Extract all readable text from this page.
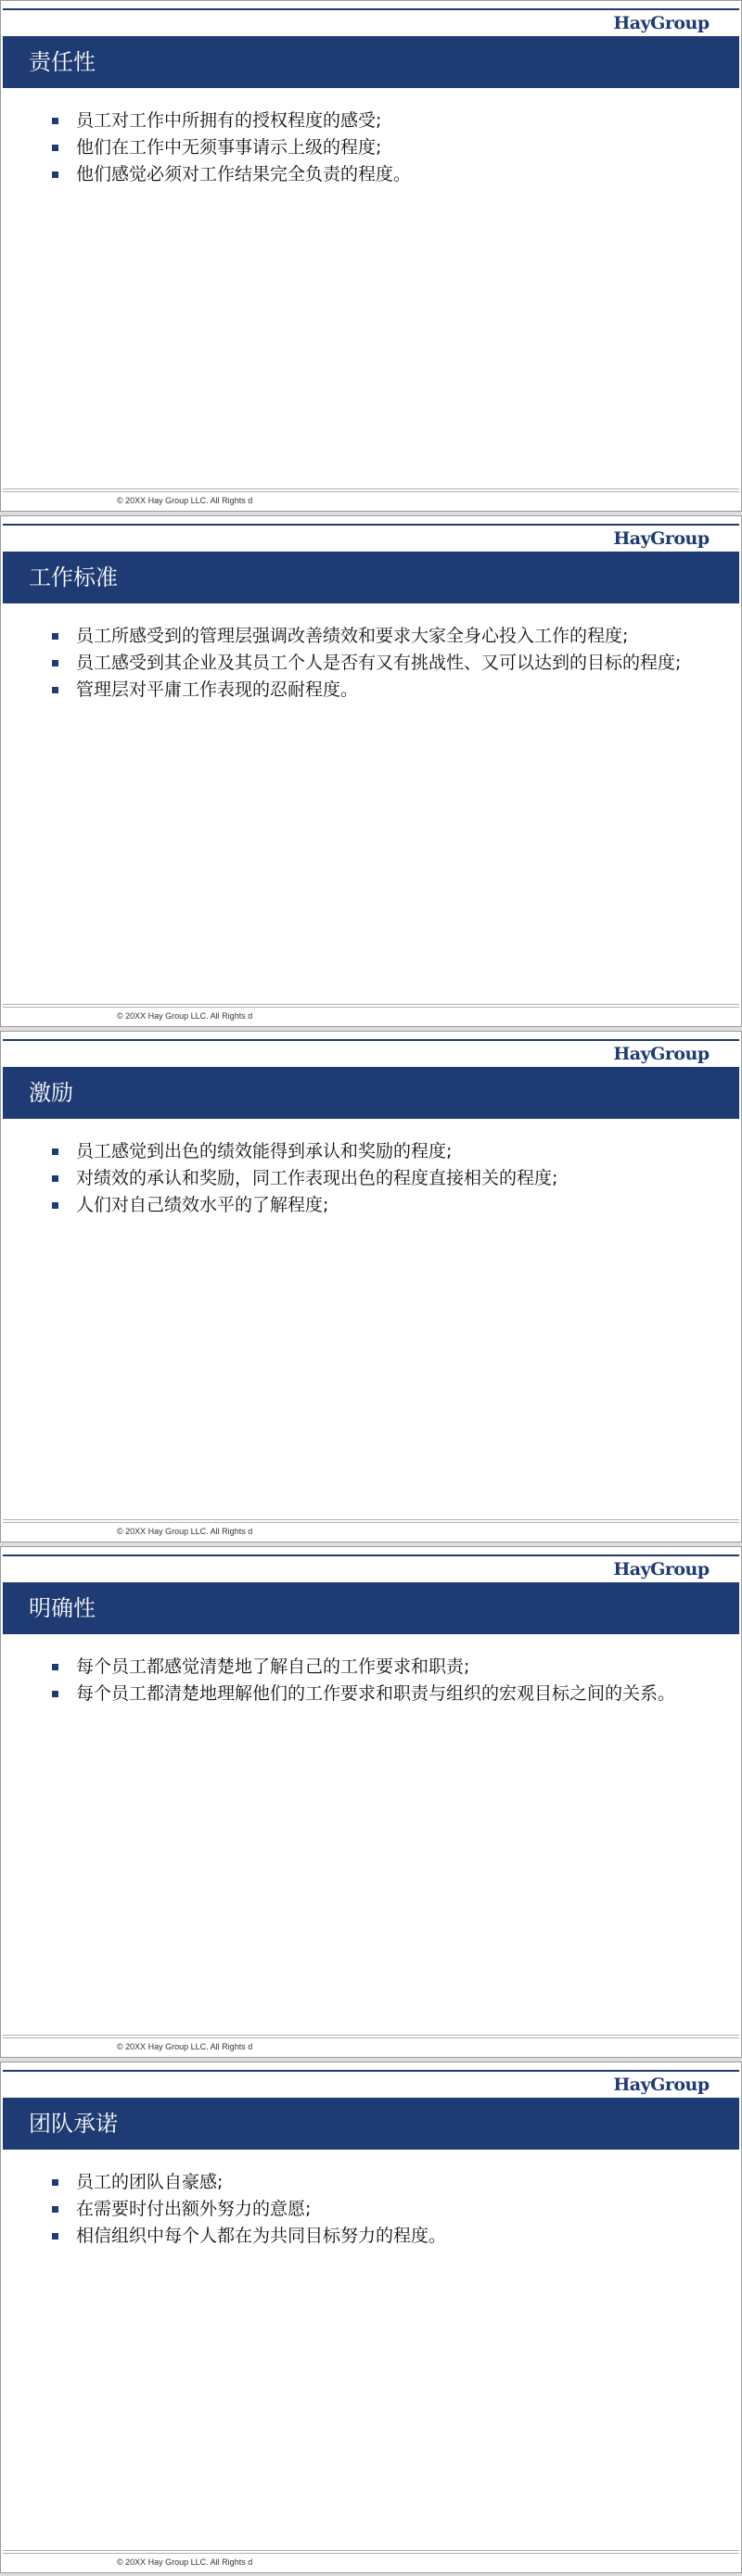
HayGroup
责任性
员工对工作中所拥有的授权程度的感受;
他们在工作中无须事事请示上级的程度;
他们感觉必须对工作结果完全负责的程度。
© 20XX Hay Group LLC. All Rights d
HayGroup
工作标准
员工所感受到的管理层强调改善绩效和要求大家全身心投入工作的程度;
员工感受到其企业及其员工个人是否有又有挑战性、又可以达到的目标的程度;
管理层对平庸工作表现的忍耐程度。
© 20XX Hay Group LLC. All Rights d
HayGroup
激励
员工感觉到出色的绩效能得到承认和奖励的程度;
对绩效的承认和奖励，同工作表现出色的程度直接相关的程度;
人们对自己绩效水平的了解程度;
© 20XX Hay Group LLC. All Rights d
HayGroup
明确性
每个员工都感觉清楚地了解自己的工作要求和职责;
每个员工都清楚地理解他们的工作要求和职责与组织的宏观目标之间的关系。
© 20XX Hay Group LLC. All Rights d
HayGroup
团队承诺
员工的团队自豪感;
在需要时付出额外努力的意愿;
相信组织中每个人都在为共同目标努力的程度。
© 20XX Hay Group LLC. All Rights d
